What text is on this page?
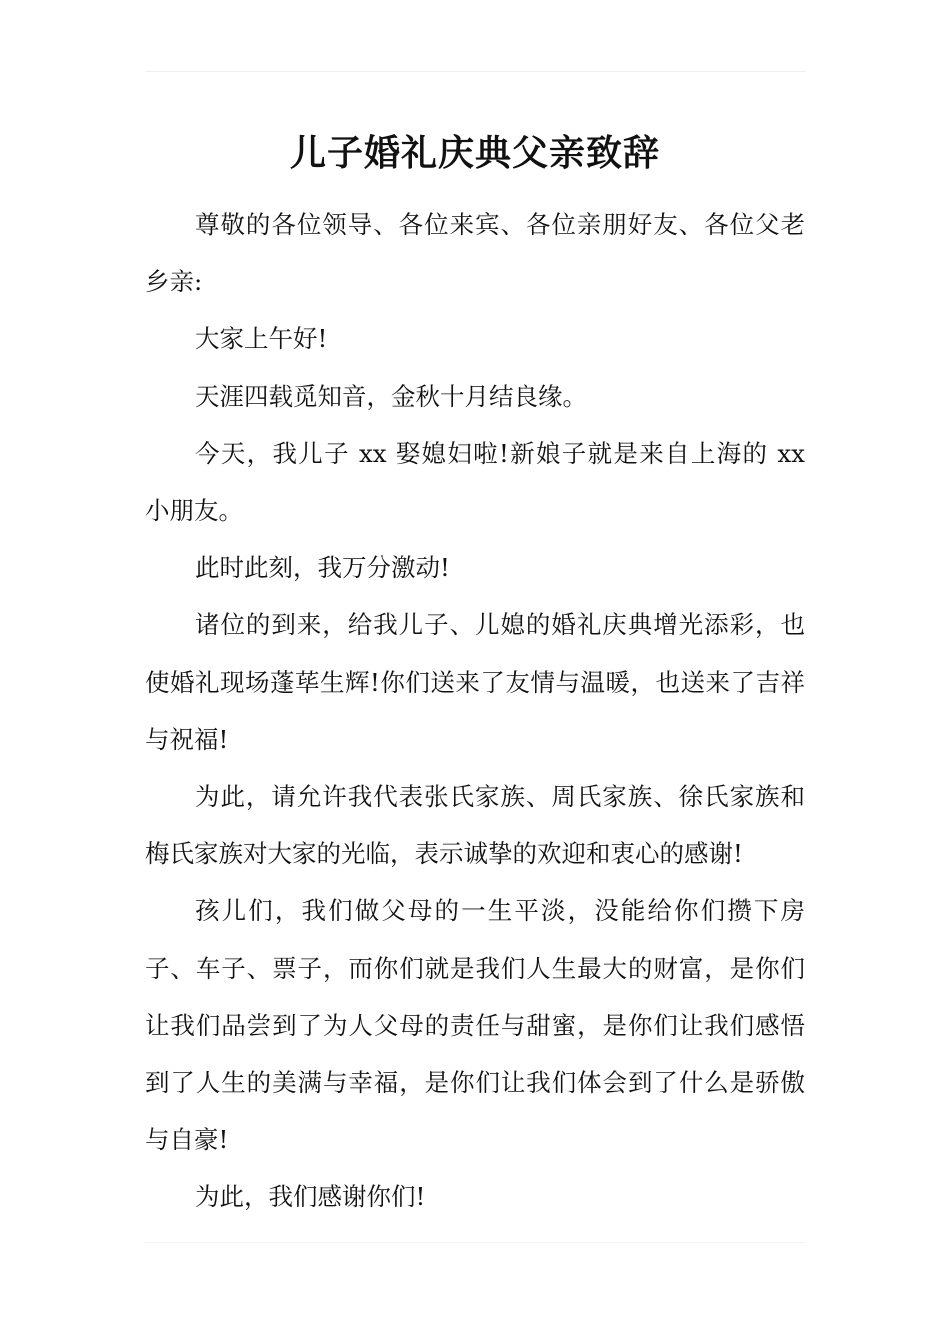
儿子婚礼庆典父亲致辞

尊敬的各位领导、各位来宾、各位亲朋好友、各位父老乡亲:

大家上午好!

天涯四载觅知音，金秋十月结良缘。

今天，我儿子 xx 娶媳妇啦!新娘子就是来自上海的 xx 小朋友。

此时此刻，我万分激动!

诸位的到来，给我儿子、儿媳的婚礼庆典增光添彩，也使婚礼现场蓬荜生辉!你们送来了友情与温暖，也送来了吉祥与祝福!

为此，请允许我代表张氏家族、周氏家族、徐氏家族和梅氏家族对大家的光临，表示诚挚的欢迎和衷心的感谢!

孩儿们，我们做父母的一生平淡，没能给你们攒下房子、车子、票子，而你们就是我们人生最大的财富，是你们让我们品尝到了为人父母的责任与甜蜜，是你们让我们感悟到了人生的美满与幸福，是你们让我们体会到了什么是骄傲与自豪!

为此，我们感谢你们!
